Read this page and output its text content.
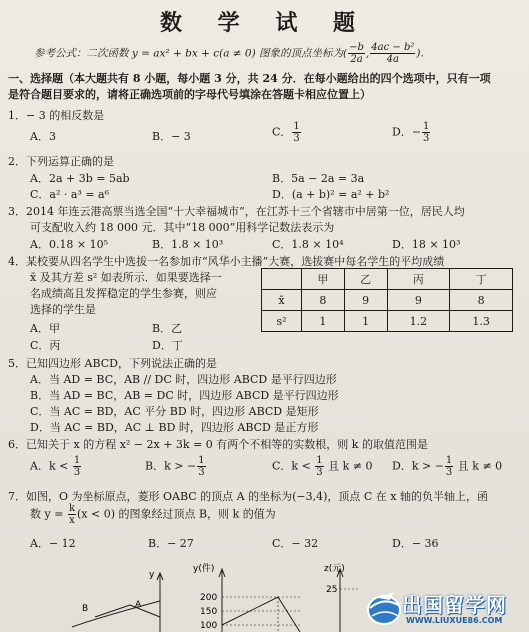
数 学 试 题
参考公式：二次函数 y = ax² + bx + c(a ≠ 0) 图象的顶点坐标为( $\frac{-b}{2a}$ , $\frac{\text{4ac − b²}}{4a}$ ).
一、选择题（本大题共有 8 小题，每小题 3 分，共 24 分．在每小题给出的四个选项中，只有一项
是符合题目要求的，请将正确选项前的字母代号填涂在答题卡相应位置上）
1．− 3 的相反数是
A．3	B．− 3	C． $\frac{1}{3}$	D．− $\frac{1}{3}$
2．下列运算正确的是
A．2a + 3b = 5ab	B．5a − 2a = 3a
C．a² · a³ = a⁶	D．(a + b)² = a² + b²
3．2014 年连云港高票当选全国“十大幸福城市”，在江苏十三个省辖市中居第一位，居民人均
可支配收入约 18 000 元．其中“18 000”用科学记数法表示为
A．0.18 × 10⁵	B．1.8 × 10³	C．1.8 × 10⁴	D．18 × 10³
4．某校要从四名学生中选拔一名参加市“风华小主播”大赛，选拔赛中每名学生的平均成绩
x̄ 及其方差 s² 如表所示．如果要选择一
名成绩高且发挥稳定的学生参赛，则应
选择的学生是
A．甲	B．乙
C．丙	D．丁
	甲	乙	丙	丁
x̄	8	9	9	8
s²	1	1	1.2	1.3
5．已知四边形 ABCD，下列说法正确的是
A．当 AD = BC，AB // DC 时，四边形 ABCD 是平行四边形
B．当 AD = BC，AB = DC 时，四边形 ABCD 是平行四边形
C．当 AC = BD，AC 平分 BD 时，四边形 ABCD 是矩形
D．当 AC = BD，AC ⊥ BD 时，四边形 ABCD 是正方形
6．已知关于 x 的方程 x² − 2x + 3k = 0 有两个不相等的实数根，则 k 的取值范围是
A．$k < \frac{1}{3}$	B．k > − $\frac{1}{3}$	C．$k < \frac{1}{3}$ 且 k ≠ 0 D．k > − $\frac{1}{3}$ 且 k ≠ 0
7．如图，O 为坐标原点，菱形 OABC 的顶点 A 的坐标为(−3,4)，顶点 C 在 x 轴的负半轴上，函
数 $y = \frac{k}{x} (x < 0)$ 的图象经过顶点 B，则 k 的值为
A．− 12	B．− 27	C．− 32	D．− 36
y
B	A
y(件)
200
150
100
z(元)
25
出国留学网
WWW.LIUXUE86.COM
